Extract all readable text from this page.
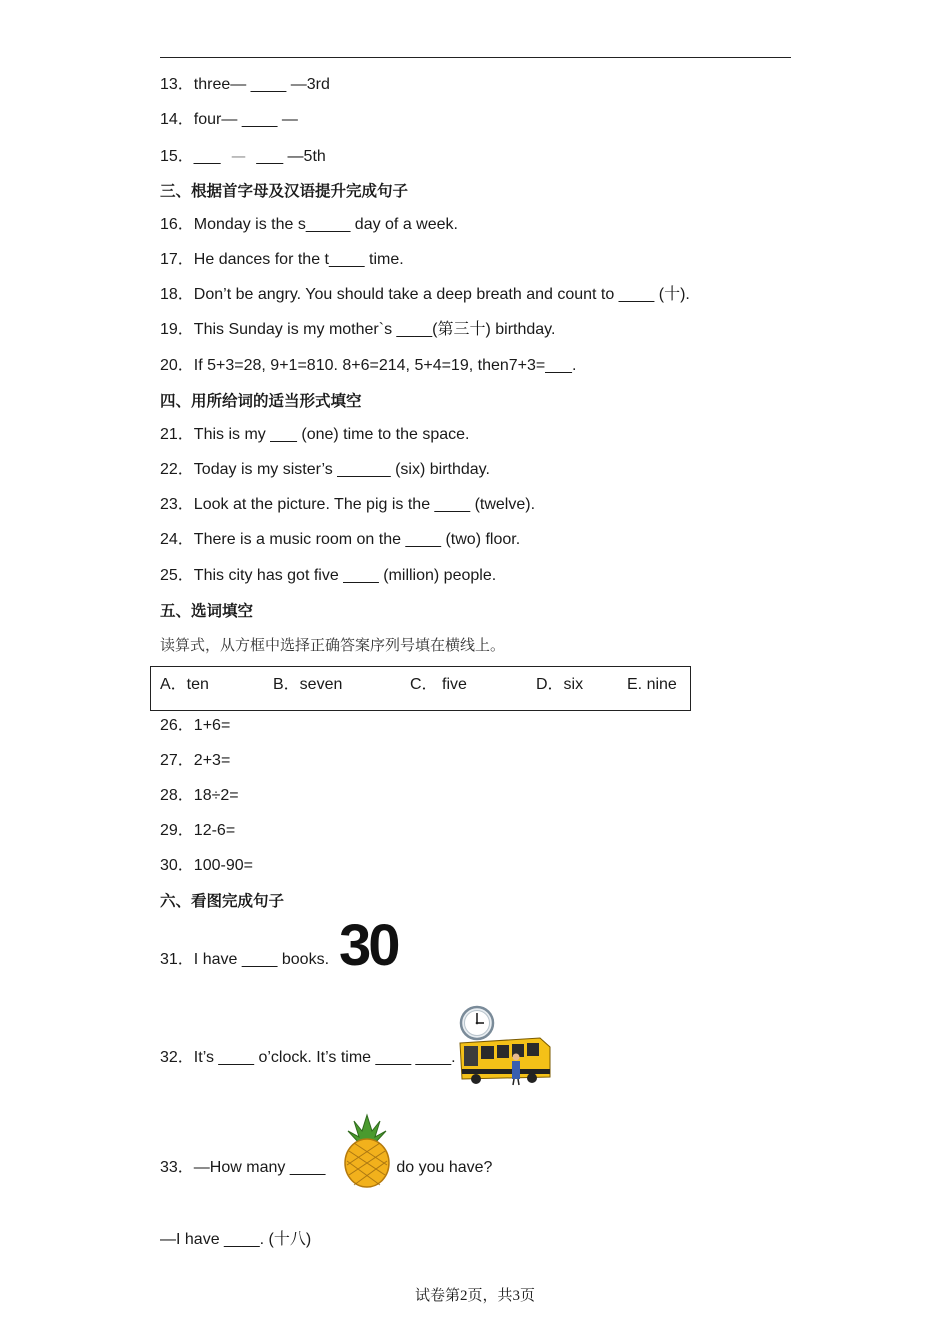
13．three— ____ —3rd
14．four— ____ —
15．___ — ___ —5th
三、根据首字母及汉语提升完成句子
16．Monday is the s_____ day of a week.
17．He dances for the t____ time.
18．Don’t be angry. You should take a deep breath and count to ____ (十).
19．This Sunday is my mother`s ____(第三十) birthday.
20．If 5+3=28, 9+1=810. 8+6=214, 5+4=19, then7+3=___.
四、用所给词的适当形式填空
21．This is my ___ (one) time to the space.
22．Today is my sister’s ______ (six) birthday.
23．Look at the picture. The pig is the ____ (twelve).
24．There is a music room on the ____ (two) floor.
25．This city has got five ____ (million) people.
五、选词填空
读算式，从方框中选择正确答案序列号填在横线上。
A．ten	B．seven	C． five	D．six	E. nine
26．1+6=
27．2+3=
28．18÷2=
29．12-6=
30．100-90=
六、看图完成句子
31．I have ____ books. 30
32．It’s ____ o’clock. It’s time ____ ____.
33．—How many ____	do you have?
—I have ____. (十八)
试卷第2页，共3页
